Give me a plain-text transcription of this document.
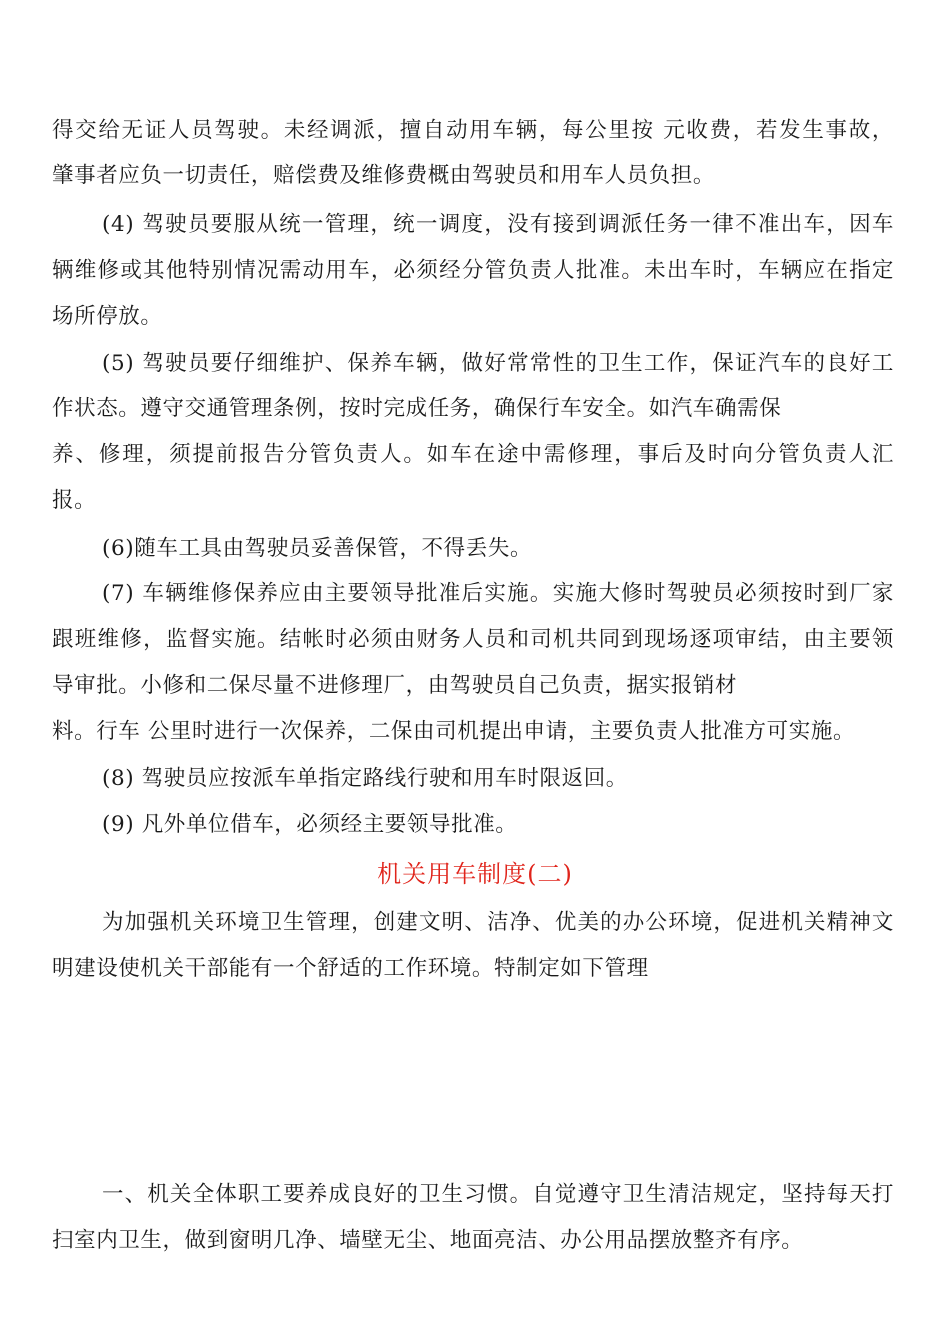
得交给无证人员驾驶。未经调派，擅自动用车辆，每公里按 元收费，若发生事故，
肇事者应负一切责任，赔偿费及维修费概由驾驶员和用车人员负担。
(4) 驾驶员要服从统一管理，统一调度，没有接到调派任务一律不准出车，因车
辆维修或其他特别情况需动用车，必须经分管负责人批准。未出车时，车辆应在指定
场所停放。
(5) 驾驶员要仔细维护、保养车辆，做好常常性的卫生工作，保证汽车的良好工
作状态。遵守交通管理条例，按时完成任务，确保行车安全。如汽车确需保
养、修理，须提前报告分管负责人。如车在途中需修理，事后及时向分管负责人汇
报。
(6)随车工具由驾驶员妥善保管，不得丢失。
(7) 车辆维修保养应由主要领导批准后实施。实施大修时驾驶员必须按时到厂家
跟班维修，监督实施。结帐时必须由财务人员和司机共同到现场逐项审结，由主要领
导审批。小修和二保尽量不进修理厂，由驾驶员自己负责，据实报销材
料。行车 公里时进行一次保养，二保由司机提出申请，主要负责人批准方可实施。
(8) 驾驶员应按派车单指定路线行驶和用车时限返回。
(9) 凡外单位借车，必须经主要领导批准。
机关用车制度(二)
为加强机关环境卫生管理，创建文明、洁净、优美的办公环境，促进机关精神文
明建设使机关干部能有一个舒适的工作环境。特制定如下管理
一、机关全体职工要养成良好的卫生习惯。自觉遵守卫生清洁规定，坚持每天打
扫室内卫生，做到窗明几净、墙壁无尘、地面亮洁、办公用品摆放整齐有序。
